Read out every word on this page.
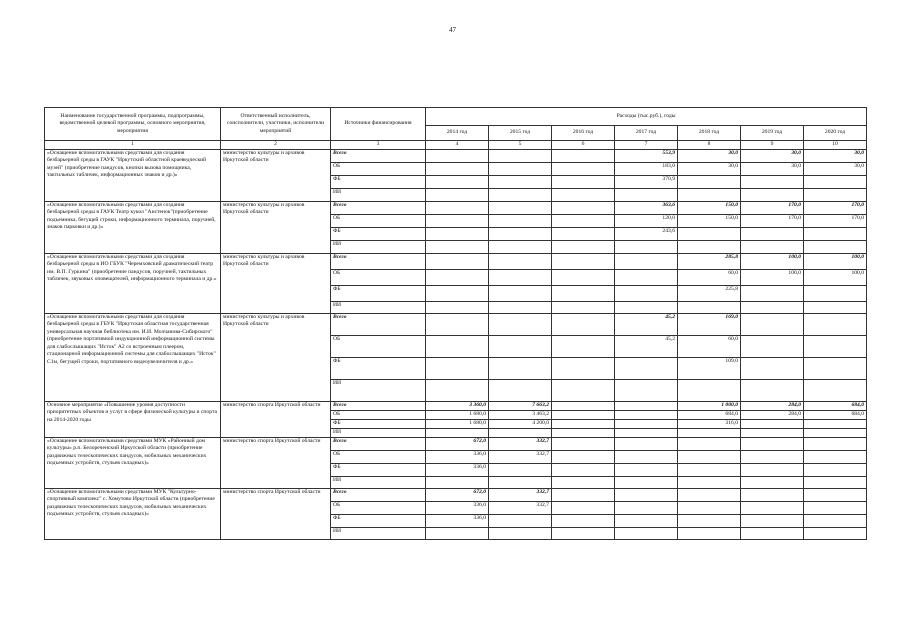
47
Наименование государственной программы, подпрограммы, ведомственной целевой программы, основного мероприятия, мероприятия	Ответственный исполнитель, соисполнители, участники, исполнители мероприятий	Источники финансирования	Расходы (тыс.руб.), годы						
			2014 год	2015 год	2016 год	2017 год	2018 год	2019 год	2020 год
1	2	3	4	5	6	7	8	9	10
«Оснащение вспомогательными средствами для создания безбарьерной среды в ГАУК "Иркутский областной краеведческий музей" (приобретение пандусов, кнопки вызова помощника, тактильных табличек, информационных знаков и др.)»	министерство культуры и архивов Иркутской области	Всего				553,9	30,0	30,0	30,0
		ОБ				183,0	30,0	30,0	30,0
		ФБ				370,9			
		ИИ							
«Оснащение вспомогательными средствами для создания безбарьерной среды в ГАУК Театр кукол "Аистенок"(приобретение подъемника, бегущей строки, информационного терминала, поручней, знаков парковки и др.)»	министерство культуры и архивов Иркутской области	Всего				363,6	150,0	170,0	170,0
		ОБ				120,0	150,0	170,0	170,0
		ФБ				243,6			
		ИИ							
«Оснащение вспомогательными средствами для создания безбарьерной среды в ИО ГБУК "Черемховский драматический театр им. В.П. Гуркина" (приобретение пандусов, поручней, тактильных табличек, звуковых оповещателей, информационного терминала и др.»	министерство культуры и архивов Иркутской области	Всего					285,8	100,0	100,0
		ОБ					60,0	100,0	100,0
		ФБ					225,8		
		ИИ							
«Оснащение вспомогательными средствами для создания безбарьерной среды в ГБУК "Иркутская областная государственная универсальная научная библиотека им. И.И. Молчанова-Сибирского" (приобретение портативной индукционной информационной системы для слабослышащих "Исток" А2 со встроенным плеером, стационарной информационной системы для слабослышащих "Исток" С1м, бегущей строки, портативного видеоувеличителя и др.»	министерство культуры и архивов Иркутской области	Всего				45,2	169,0		
		ОБ				45,2	60,0		
		ФБ					109,0		
		ИИ							
Основное мероприятие «Повышение уровня доступности приоритетных объектов и услуг в сфере физической культуры и спорта на 2014-2020 годы	министерство спорта Иркутской области	Всего	3 360,0	7 663,2			1 000,0	284,0	684,0
		ОБ	1 680,0	3 463,2			684,0	284,0	684,0
		ФБ	1 680,0	4 200,0			316,0		
		ИИ							
«Оснащение вспомогательными средствами МУК «Районный дом культуры» р.п. Белореченский Иркутской области (приобретение раздвижных телескопических пандусов, мобильных механических подъемных устройств, стульев складных)»	министерство спорта Иркутской области	Всего	672,0	332,7					
		ОБ	336,0	332,7					
		ФБ	336,0						
		ИИ							
«Оснащение вспомогательными средствами МУК "Культурно-спортивный комплекс" с. Хомутово Иркутской области (приобретение раздвижных телескопических пандусов, мобильных механических подъемных устройств, стульев складных)»	министерство спорта Иркутской области	Всего	672,0	332,7					
		ОБ	336,0	332,7					
		ФБ	336,0						
		ИИ							
